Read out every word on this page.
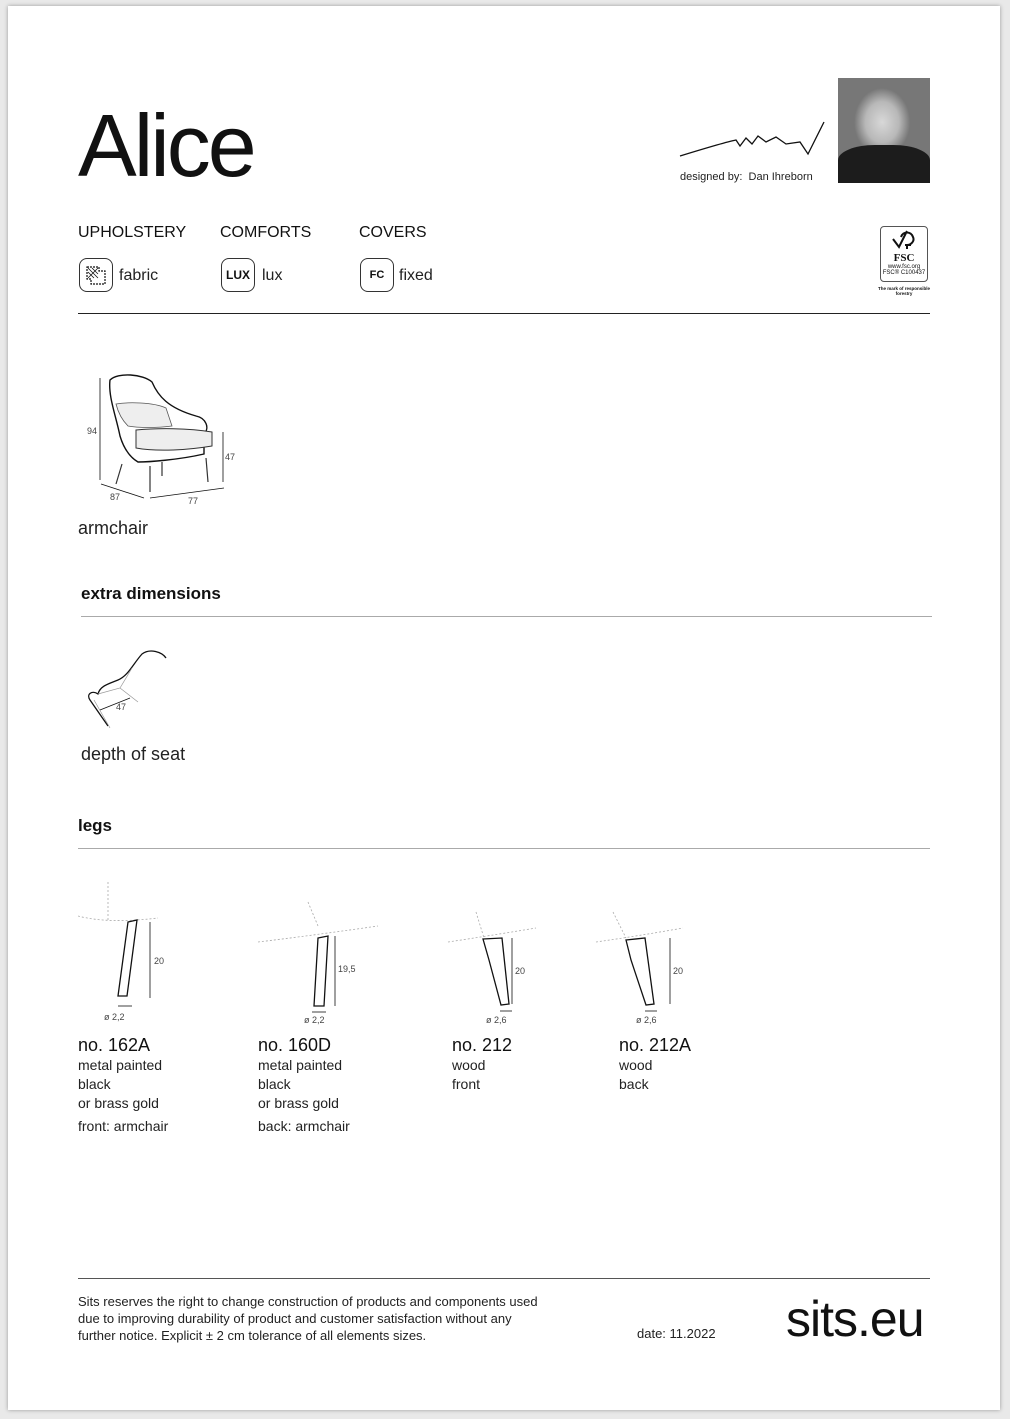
Alice	designed by: Dan Ihreborn
UPHOLSTERY COMFORTS	COVERS
fabric	LUX lux	FC fixed
FSC
www.fsc.org
FSC® C100437
The mark of responsible forestry
94
47
87	77
armchair
extra dimensions
47
depth of seat
legs
20
ø 2,2
19,5
ø 2,2
20
ø 2,6
20
ø 2,6
no. 162A
metal painted
black
or brass gold
front: armchair
no. 160D
metal painted
black
or brass gold
back: armchair
no. 212
wood
front
no. 212A
wood
back
Sits reserves the right to change construction of products and components used
due to improving durability of product and customer satisfaction without any
further notice. Explicit ± 2 cm tolerance of all elements sizes.	date: 11.2022 sits.eu
